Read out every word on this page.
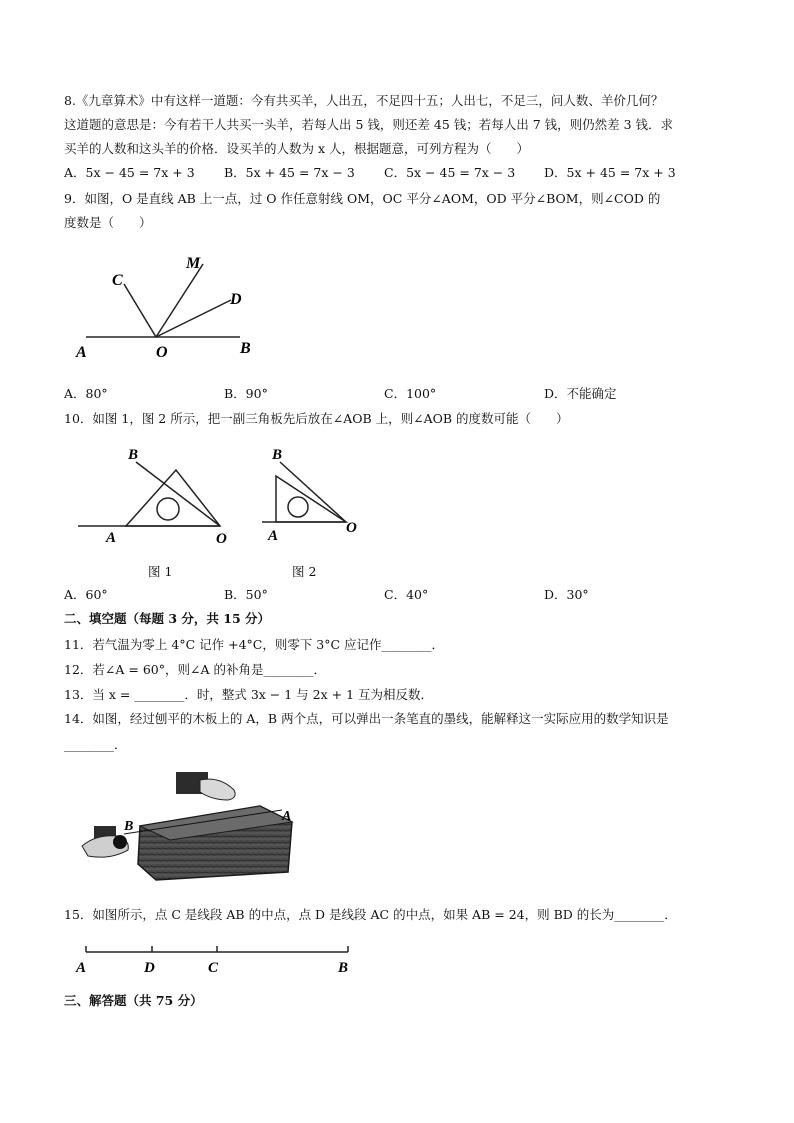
8.《九章算术》中有这样一道题：今有共买羊，人出五，不足四十五；人出七，不足三，问人数、羊价几何？
这道题的意思是：今有若干人共买一头羊，若每人出 5 钱，则还差 45 钱；若每人出 7 钱，则仍然差 3 钱．求
买羊的人数和这头羊的价格．设买羊的人数为 x 人，根据题意，可列方程为（　　）
A．5x − 45 = 7x + 3 B．5x + 45 = 7x − 3 C．5x − 45 = 7x − 3 D．5x + 45 = 7x + 3
9．如图，O 是直线 AB 上一点，过 O 作任意射线 OM，OC 平分∠AOM，OD 平分∠BOM，则∠COD 的
度数是（　　）
C
M
D
A	O	B
A．80°	B．90°	C．100°	D．不能确定
10．如图 1，图 2 所示，把一副三角板先后放在∠AOB 上，则∠AOB 的度数可能（　　）
B
A	O
B
A	O
图 1	图 2
A．60°	B．50°	C．40°	D．30°
二、填空题（每题 3 分，共 15 分）
11．若气温为零上 4°C 记作 +4°C，则零下 3°C 应记作________．
12．若∠A = 60°，则∠A 的补角是________．
13．当 x = ________．时，整式 3x − 1 与 2x + 1 互为相反数．
14．如图，经过刨平的木板上的 A，B 两个点，可以弹出一条笔直的墨线，能解释这一实际应用的数学知识是
________．
B
A
15．如图所示，点 C 是线段 AB 的中点，点 D 是线段 AC 的中点，如果 AB = 24，则 BD 的长为________．
A	D	C	B
三、解答题（共 75 分）
